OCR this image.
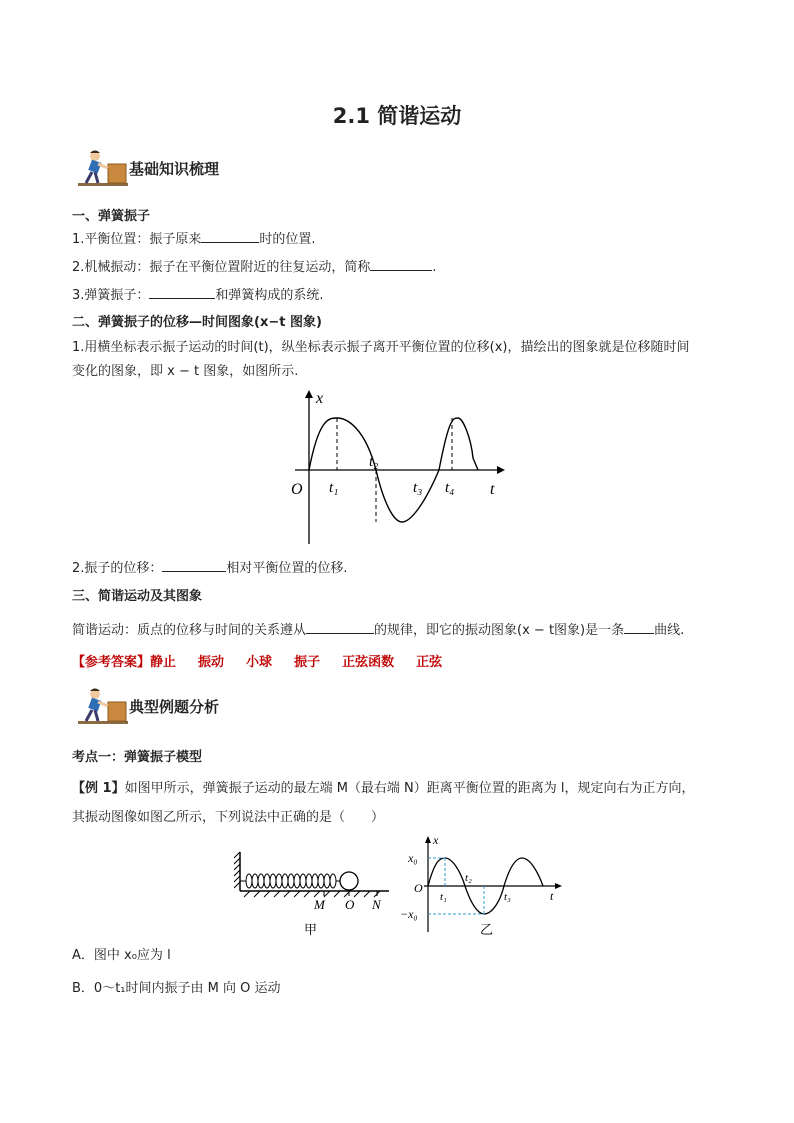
2.1 简谐运动
基础知识梳理
一、弹簧振子
1.平衡位置：振子原来	时的位置.
2.机械振动：振子在平衡位置附近的往复运动，简称	.
3.弹簧振子：	和弹簧构成的系统.
二、弹簧振子的位移—时间图象(x−t 图象)
1.用横坐标表示振子运动的时间(t)，纵坐标表示振子离开平衡位置的位移(x)，描绘出的图象就是位移随时间
变化的图象，即 x − t 图象，如图所示.
x
t
O t₁
t₂
t₃ t₄
2.振子的位移：	相对平衡位置的位移.
三、简谐运动及其图象
简谐运动：质点的位移与时间的关系遵从	的规律，即它的振动图象(x − t图象)是一条 曲线.
【参考答案】静止 振动 小球 振子 正弦函数 正弦
典型例题分析
考点一：弹簧振子模型
【例 1】如图甲所示，弹簧振子运动的最左端 M（最右端 N）距离平衡位置的距离为 l，规定向右为正方向，
其振动图像如图乙所示，下列说法中正确的是（　　）
M O N
甲
x
x₀
−x₀
O
t
t₁
t₂
t₃
乙
A．图中 x₀应为 l
B．0～t₁时间内振子由 M 向 O 运动
